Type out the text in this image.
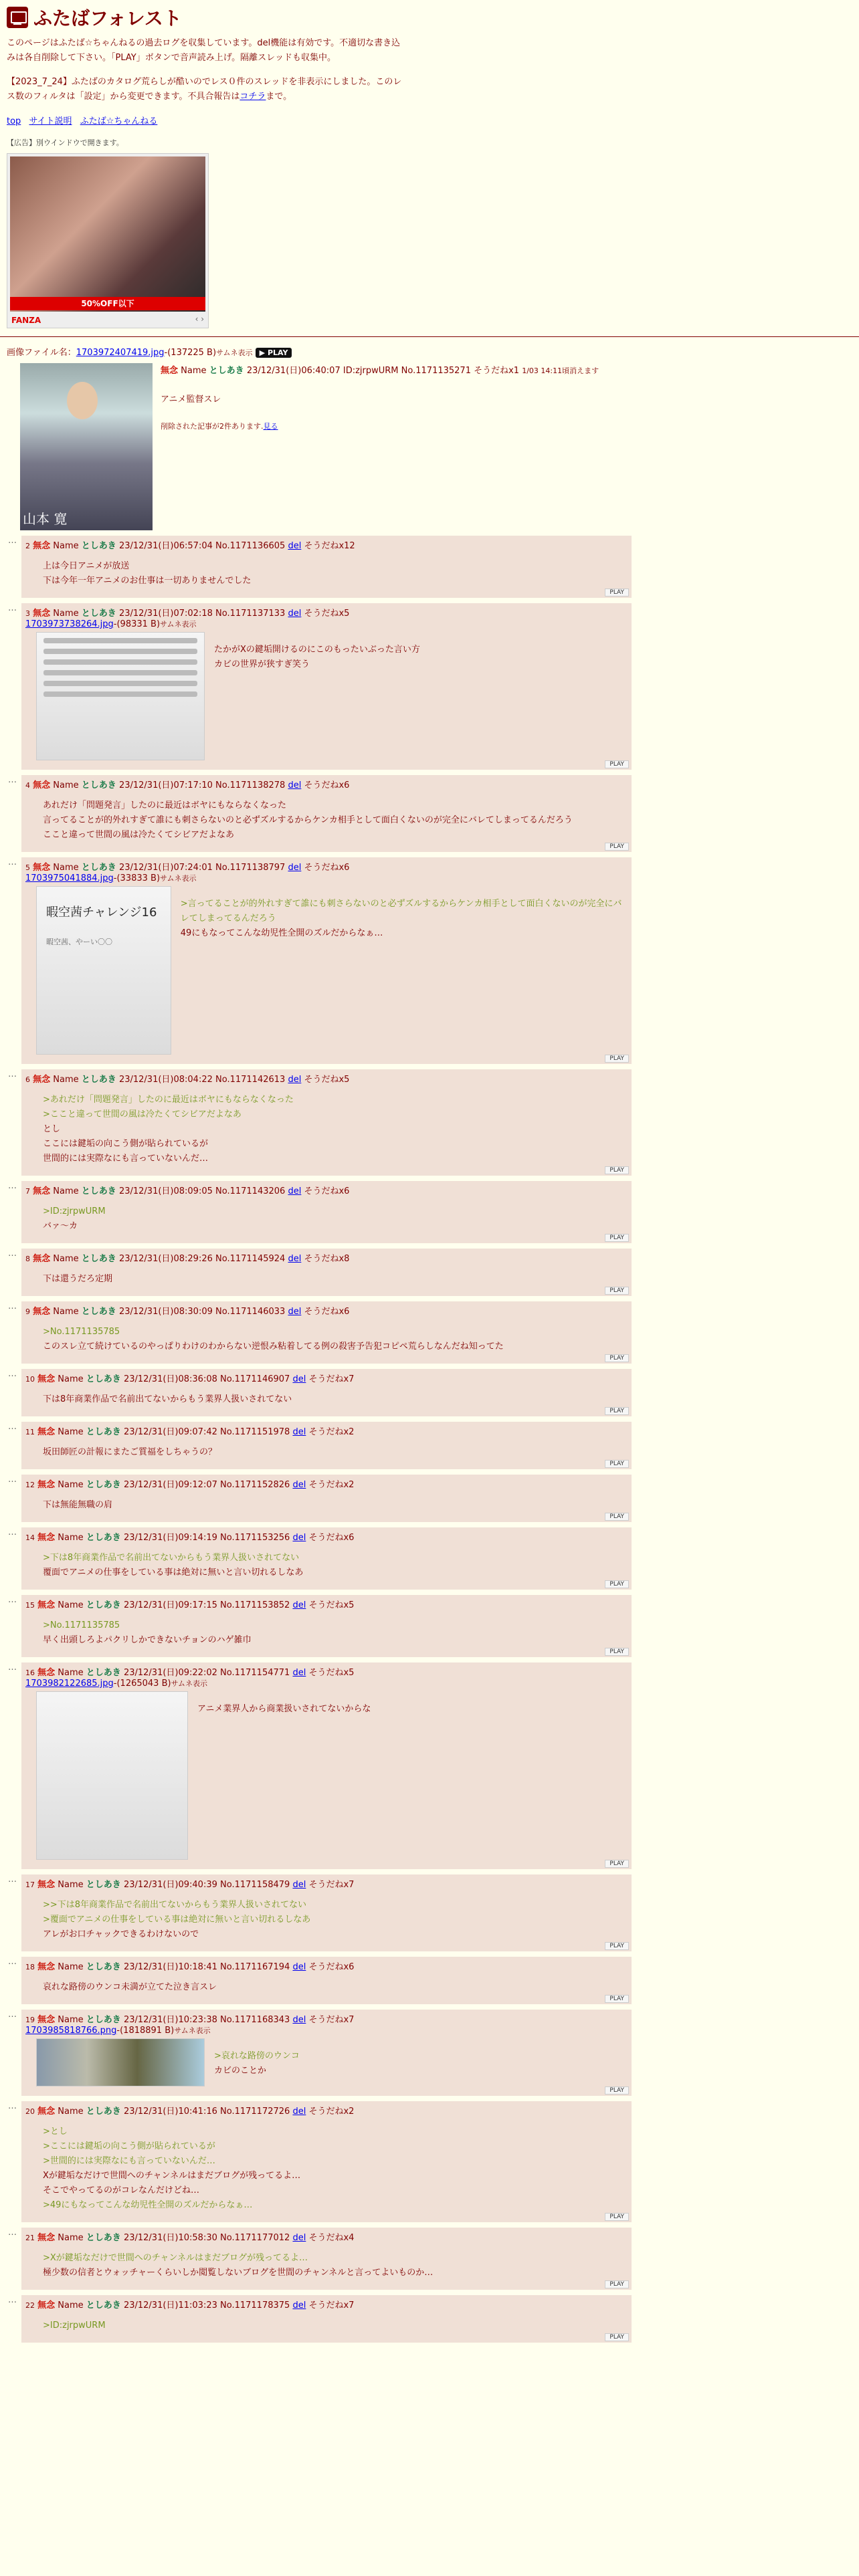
ふたばフォレスト
このページはふたば☆ちゃんねるの過去ログを収集しています。del機能は有効です。不適切な書き込みは各自削除して下さい。「PLAY」ボタンで音声読み上げ。隔離スレッドも収集中。
【2023_7_24】ふたばのカタログ荒らしが酷いのでレス０件のスレッドを非表示にしました。このレス数のフィルタは「設定」から変更できます。不具合報告はコチラまで。
top サイト説明 ふたば☆ちゃんねる
【広告】別ウインドウで開きます。
50%OFF以下
FANZA	‹ ›
画像ファイル名：1703972407419.jpg-(137225 B)サムネ表示 ▶ PLAY
山本 寛
無念 Name としあき 23/12/31(日)06:40:07 ID:zjrpwURM No.1171135271 そうだねx1 1/03 14:11頃消えます
アニメ監督スレ
削除された記事が2件あります.見る
…
2 無念 Name としあき 23/12/31(日)06:57:04 No.1171136605 del そうだねx12
上は今日アニメが放送
下は今年一年アニメのお仕事は一切ありませんでした
PLAY
…
3 無念 Name としあき 23/12/31(日)07:02:18 No.1171137133 del そうだねx5
1703973738264.jpg-(98331 B)サムネ表示
たかがXの鍵垢開けるのにこのもったいぶった言い方
カビの世界が狭すぎ笑う
PLAY
…
4 無念 Name としあき 23/12/31(日)07:17:10 No.1171138278 del そうだねx6
あれだけ「問題発言」したのに最近はボヤにもならなくなった
言ってることが的外れすぎて誰にも刺さらないのと必ずズルするからケンカ相手として面白くないのが完全にバレてしまってるんだろう
ここと違って世間の風は冷たくてシビアだよなあ
PLAY
…
5 無念 Name としあき 23/12/31(日)07:24:01 No.1171138797 del そうだねx6
1703975041884.jpg-(33833 B)サムネ表示
暇空茜チャレンジ16
暇空茜、やーい〇〇
>言ってることが的外れすぎて誰にも刺さらないのと必ずズルするからケンカ相手として面白くないのが完全にバレてしまってるんだろう
49にもなってこんな幼児性全開のズルだからなぁ…
PLAY
…
6 無念 Name としあき 23/12/31(日)08:04:22 No.1171142613 del そうだねx5
>あれだけ「問題発言」したのに最近はボヤにもならなくなった
>ここと違って世間の風は冷たくてシビアだよなあ
とし
ここには鍵垢の向こう側が貼られているが
世間的には実際なにも言っていないんだ…
PLAY
…
7 無念 Name としあき 23/12/31(日)08:09:05 No.1171143206 del そうだねx6
>ID:zjrpwURM
バァ～カ
PLAY
…
8 無念 Name としあき 23/12/31(日)08:29:26 No.1171145924 del そうだねx8
下は還うだろ定期
PLAY
…
9 無念 Name としあき 23/12/31(日)08:30:09 No.1171146033 del そうだねx6
>No.1171135785
このスレ立て続けているのやっぱりわけのわからない逆恨み粘着してる例の殺害予告犯コピペ荒らしなんだね知ってた
PLAY
…
10 無念 Name としあき 23/12/31(日)08:36:08 No.1171146907 del そうだねx7
下は8年商業作品で名前出てないからもう業界人扱いされてない
PLAY
…
11 無念 Name としあき 23/12/31(日)09:07:42 No.1171151978 del そうだねx2
坂田師匠の計報にまたご質福をしちゃうの？
PLAY
…
12 無念 Name としあき 23/12/31(日)09:12:07 No.1171152826 del そうだねx2
下は無能無職の肩
PLAY
…
14 無念 Name としあき 23/12/31(日)09:14:19 No.1171153256 del そうだねx6
>下は8年商業作品で名前出てないからもう業界人扱いされてない
覆面でアニメの仕事をしている事は絶対に無いと言い切れるしなあ
PLAY
…
15 無念 Name としあき 23/12/31(日)09:17:15 No.1171153852 del そうだねx5
>No.1171135785
早く出頭しろよパクリしかできないチョンのハゲ雑巾
PLAY
…
16 無念 Name としあき 23/12/31(日)09:22:02 No.1171154771 del そうだねx5
1703982122685.jpg-(1265043 B)サムネ表示
アニメ業界人から商業扱いされてないからな
PLAY
…
17 無念 Name としあき 23/12/31(日)09:40:39 No.1171158479 del そうだねx7
>>下は8年商業作品で名前出てないからもう業界人扱いされてない
>覆面でアニメの仕事をしている事は絶対に無いと言い切れるしなあ
アレがお口チャックできるわけないので
PLAY
…
18 無念 Name としあき 23/12/31(日)10:18:41 No.1171167194 del そうだねx6
哀れな路傍のウンコ未満が立てた泣き言スレ
PLAY
…
19 無念 Name としあき 23/12/31(日)10:23:38 No.1171168343 del そうだねx7
1703985818766.png-(1818891 B)サムネ表示
>哀れな路傍のウンコ
カビのことか
PLAY
…
20 無念 Name としあき 23/12/31(日)10:41:16 No.1171172726 del そうだねx2
>とし
>ここには鍵垢の向こう側が貼られているが
>世間的には実際なにも言っていないんだ…
Xが鍵垢なだけで世間へのチャンネルはまだブログが残ってるよ…
そこでやってるのがコレなんだけどね…
>49にもなってこんな幼児性全開のズルだからなぁ…
PLAY
…
21 無念 Name としあき 23/12/31(日)10:58:30 No.1171177012 del そうだねx4
>Xが鍵垢なだけで世間へのチャンネルはまだブログが残ってるよ…
極少数の信者とウォッチャーくらいしか閲覧しないブログを世間のチャンネルと言ってよいものか…
PLAY
…
22 無念 Name としあき 23/12/31(日)11:03:23 No.1171178375 del そうだねx7
>ID:zjrpwURM
PLAY
